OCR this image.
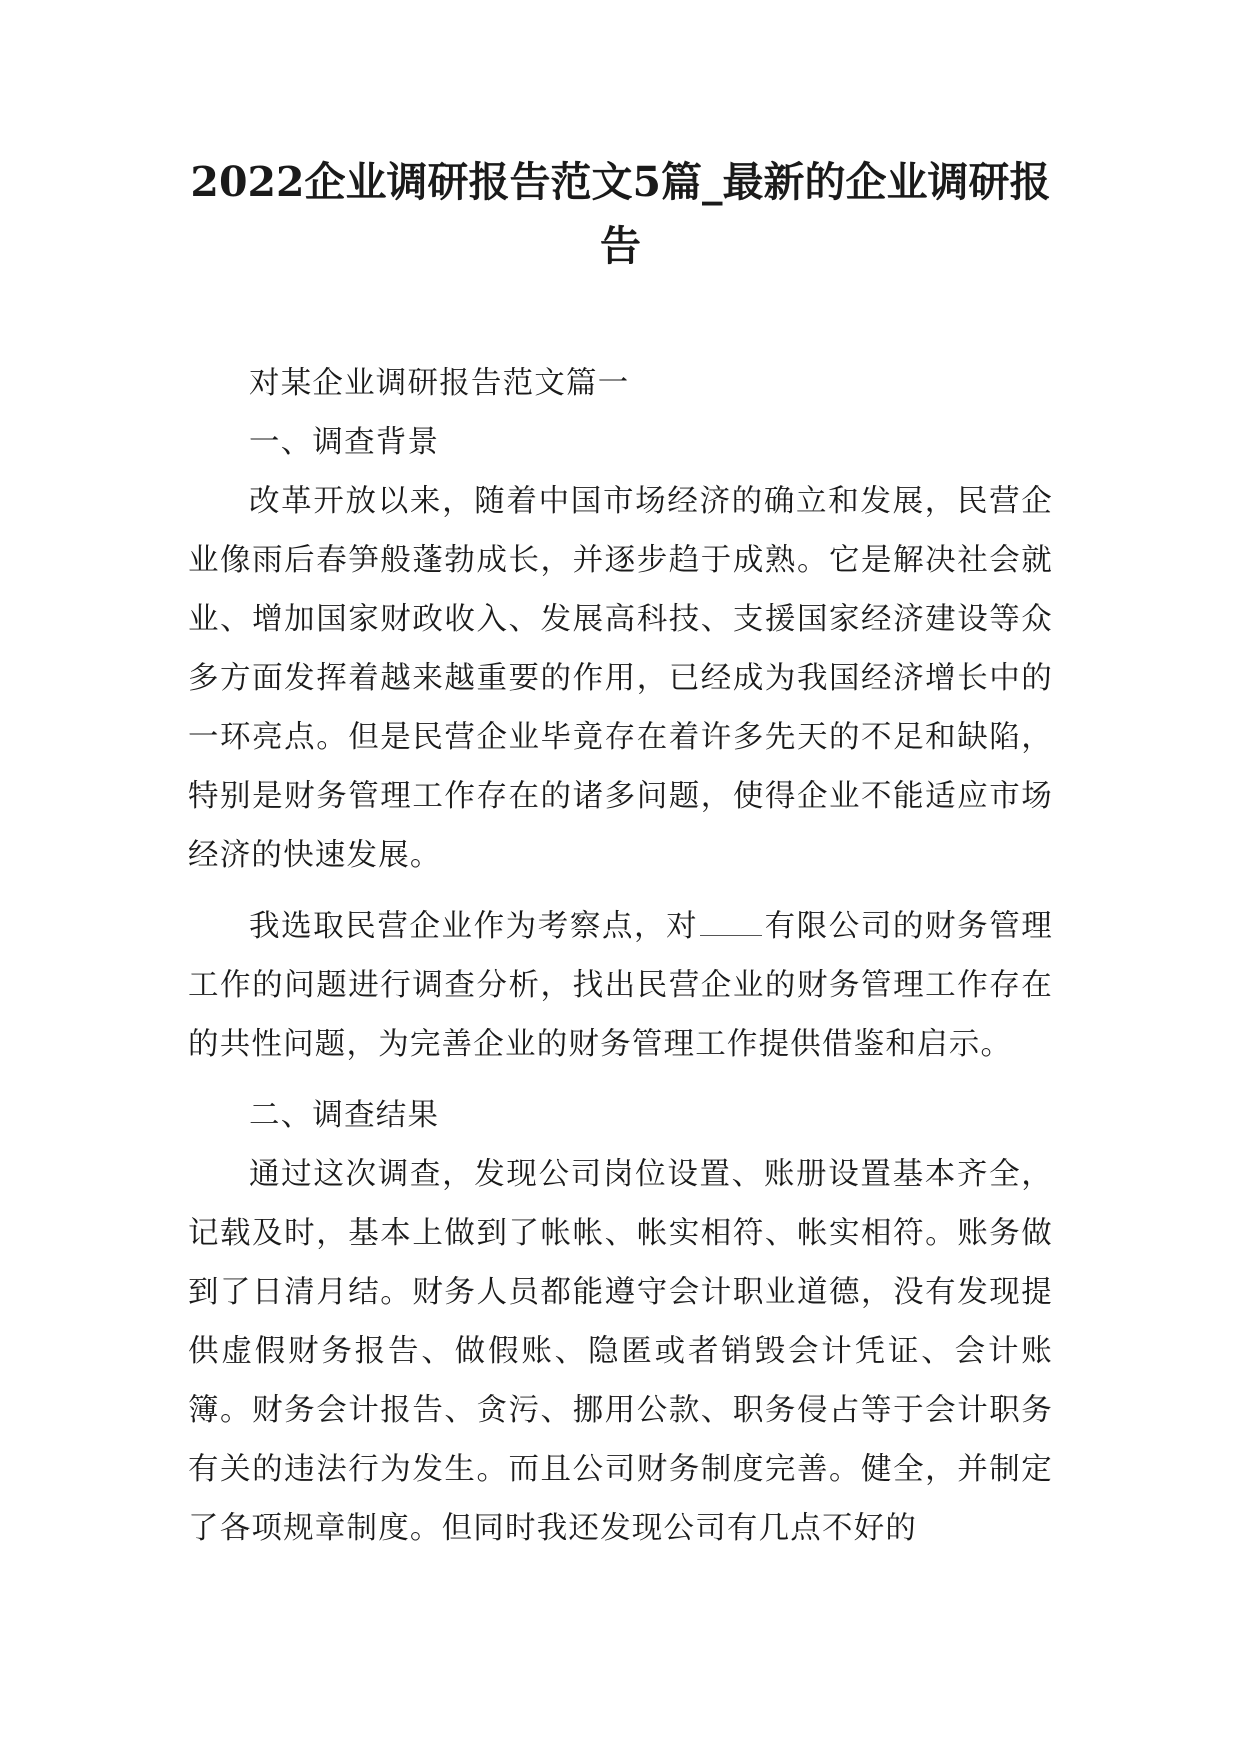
2022企业调研报告范文5篇_最新的企业调研报告

对某企业调研报告范文篇一

一、调查背景

改革开放以来，随着中国市场经济的确立和发展，民营企业像雨后春笋般蓬勃成长，并逐步趋于成熟。它是解决社会就业、增加国家财政收入、发展高科技、支援国家经济建设等众多方面发挥着越来越重要的作用，已经成为我国经济增长中的一环亮点。但是民营企业毕竟存在着许多先天的不足和缺陷，特别是财务管理工作存在的诸多问题，使得企业不能适应市场经济的快速发展。

我选取民营企业作为考察点，对 有限公司的财务管理工作的问题进行调查分析，找出民营企业的财务管理工作存在的共性问题，为完善企业的财务管理工作提供借鉴和启示。

二、调查结果

通过这次调查，发现公司岗位设置、账册设置基本齐全，记载及时，基本上做到了帐帐、帐实相符、帐实相符。账务做到了日清月结。财务人员都能遵守会计职业道德，没有发现提供虚假财务报告、做假账、隐匿或者销毁会计凭证、会计账簿。财务会计报告、贪污、挪用公款、职务侵占等于会计职务有关的违法行为发生。而且公司财务制度完善。健全，并制定了各项规章制度。但同时我还发现公司有几点不好的
